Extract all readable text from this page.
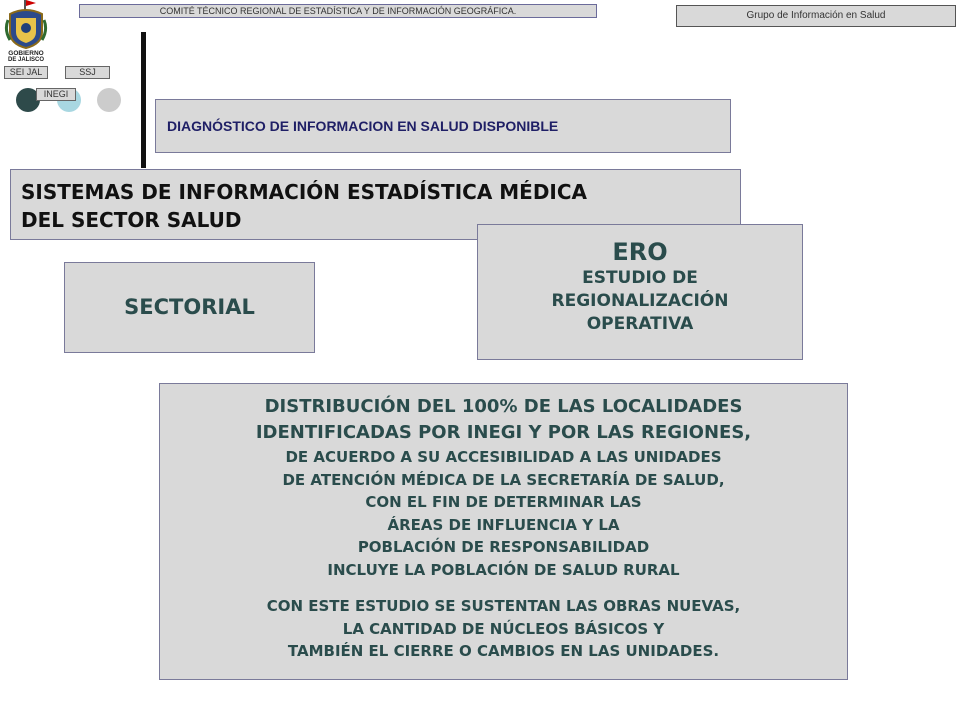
COMITÉ TÉCNICO REGIONAL DE ESTADÍSTICA Y DE INFORMACIÓN GEOGRÁFICA.	Grupo de Información en Salud
GOBIERNO
DE JALISCO
SEI JAL	SSJ
INEGI
DIAGNÓSTICO DE INFORMACION EN SALUD DISPONIBLE
SISTEMAS DE INFORMACIÓN ESTADÍSTICA MÉDICA
DEL SECTOR SALUD
ERO
ESTUDIO DE
REGIONALIZACIÓN
OPERATIVA
SECTORIAL
DISTRIBUCIÓN DEL 100% DE LAS LOCALIDADES
IDENTIFICADAS POR INEGI Y POR LAS REGIONES,
DE ACUERDO A SU ACCESIBILIDAD A LAS UNIDADES
DE ATENCIÓN MÉDICA DE LA SECRETARÍA DE SALUD,
CON EL FIN DE DETERMINAR LAS
ÁREAS DE INFLUENCIA Y LA
POBLACIÓN DE RESPONSABILIDAD
INCLUYE LA POBLACIÓN DE SALUD RURAL
CON ESTE ESTUDIO SE SUSTENTAN LAS OBRAS NUEVAS,
LA CANTIDAD DE NÚCLEOS BÁSICOS Y
TAMBIÉN EL CIERRE O CAMBIOS EN LAS UNIDADES.
